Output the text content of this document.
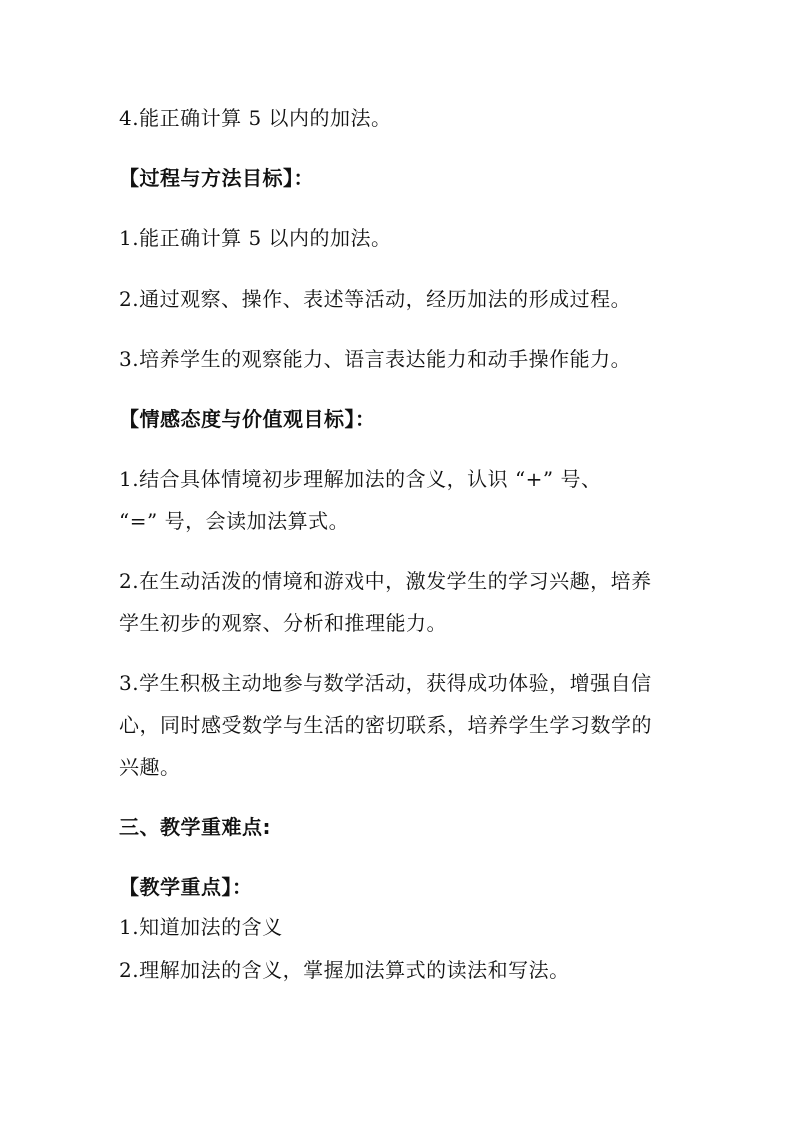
4.能正确计算 5 以内的加法。
【过程与方法目标】：
1.能正确计算 5 以内的加法。
2.通过观察、操作、表述等活动，经历加法的形成过程。
3.培养学生的观察能力、语言表达能力和动手操作能力。
【情感态度与价值观目标】：
1.结合具体情境初步理解加法的含义，认识 “+” 号、
“=” 号，会读加法算式。
2.在生动活泼的情境和游戏中，激发学生的学习兴趣，培养
学生初步的观察、分析和推理能力。
3.学生积极主动地参与数学活动，获得成功体验，增强自信
心，同时感受数学与生活的密切联系，培养学生学习数学的
兴趣。
三、教学重难点:
【教学重点】：
1.知道加法的含义
2.理解加法的含义，掌握加法算式的读法和写法。
